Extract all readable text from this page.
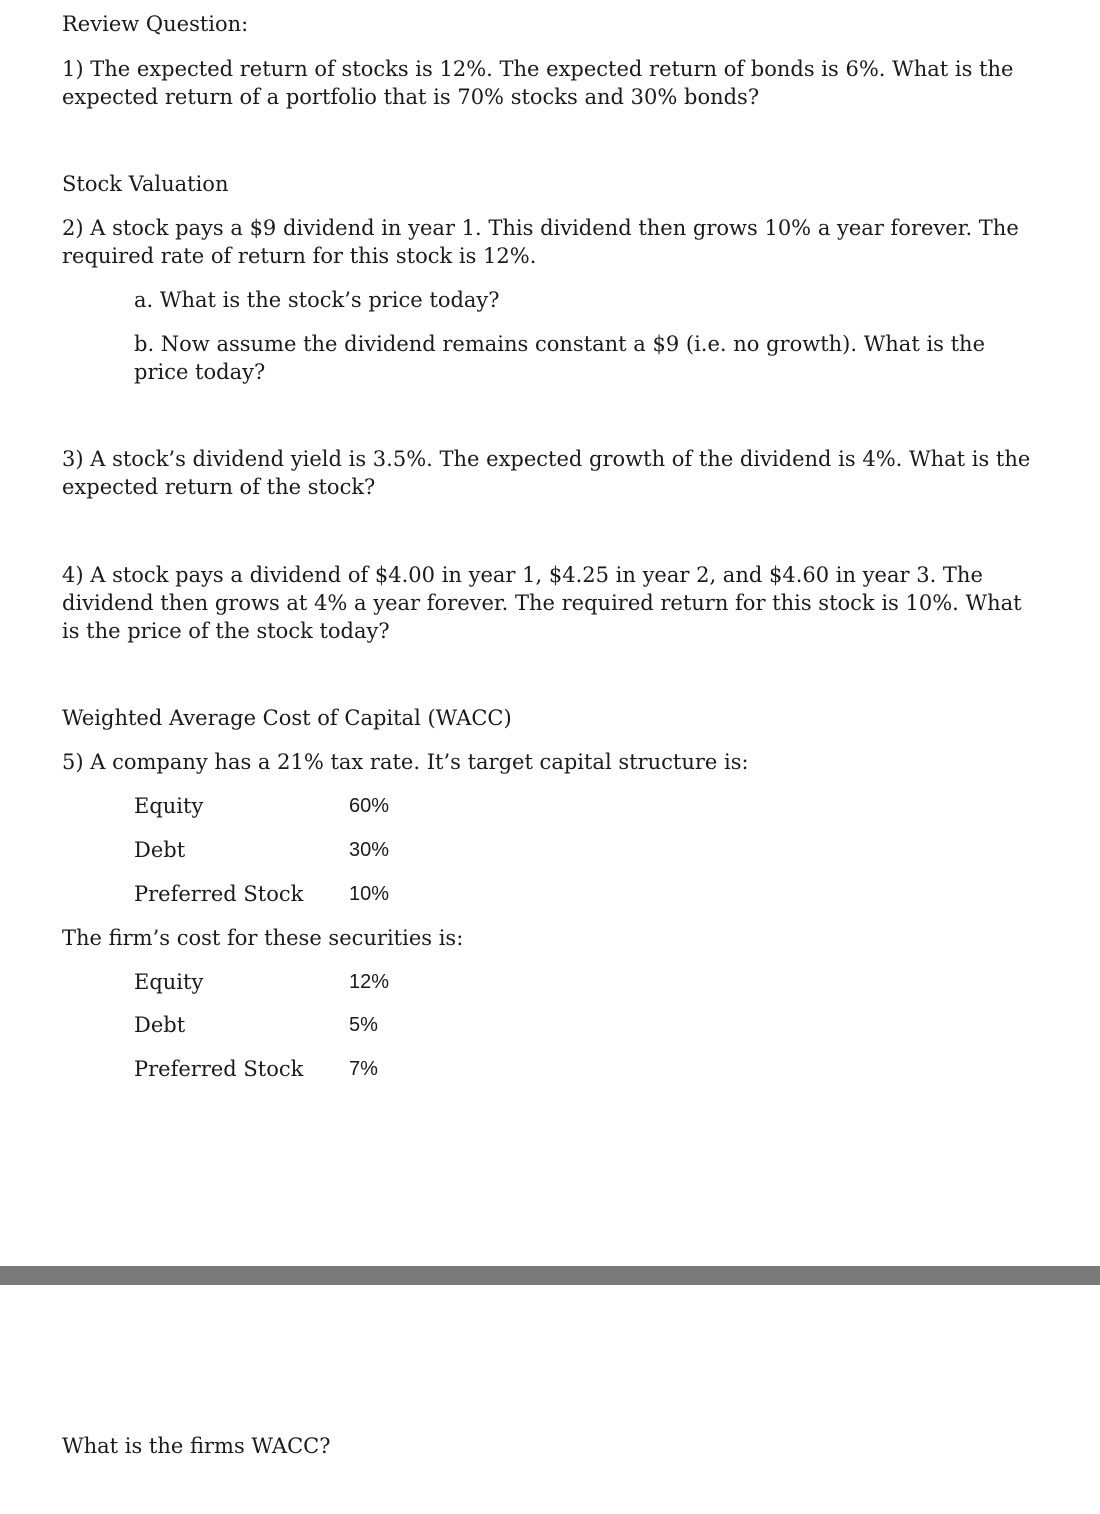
Review Question:

1) The expected return of stocks is 12%. The expected return of bonds is 6%. What is the

expected return of a portfolio that is 70% stocks and 30% bonds?

Stock Valuation

2) A stock pays a $9 dividend in year 1. This dividend then grows 10% a year forever. The

required rate of return for this stock is 12%.

a. What is the stock’s price today?

b. Now assume the dividend remains constant a $9 (i.e. no growth). What is the

price today?

3) A stock’s dividend yield is 3.5%. The expected growth of the dividend is 4%. What is the

expected return of the stock?

4) A stock pays a dividend of $4.00 in year 1, $4.25 in year 2, and $4.60 in year 3. The

dividend then grows at 4% a year forever. The required return for this stock is 10%. What

is the price of the stock today?

Weighted Average Cost of Capital (WACC)

5) A company has a 21% tax rate. It’s target capital structure is:

Equity	60%

Debt	30%

Preferred Stock 10%

The firm’s cost for these securities is:

Equity	12%

Debt	5%

Preferred Stock 7%

What is the firms WACC?
